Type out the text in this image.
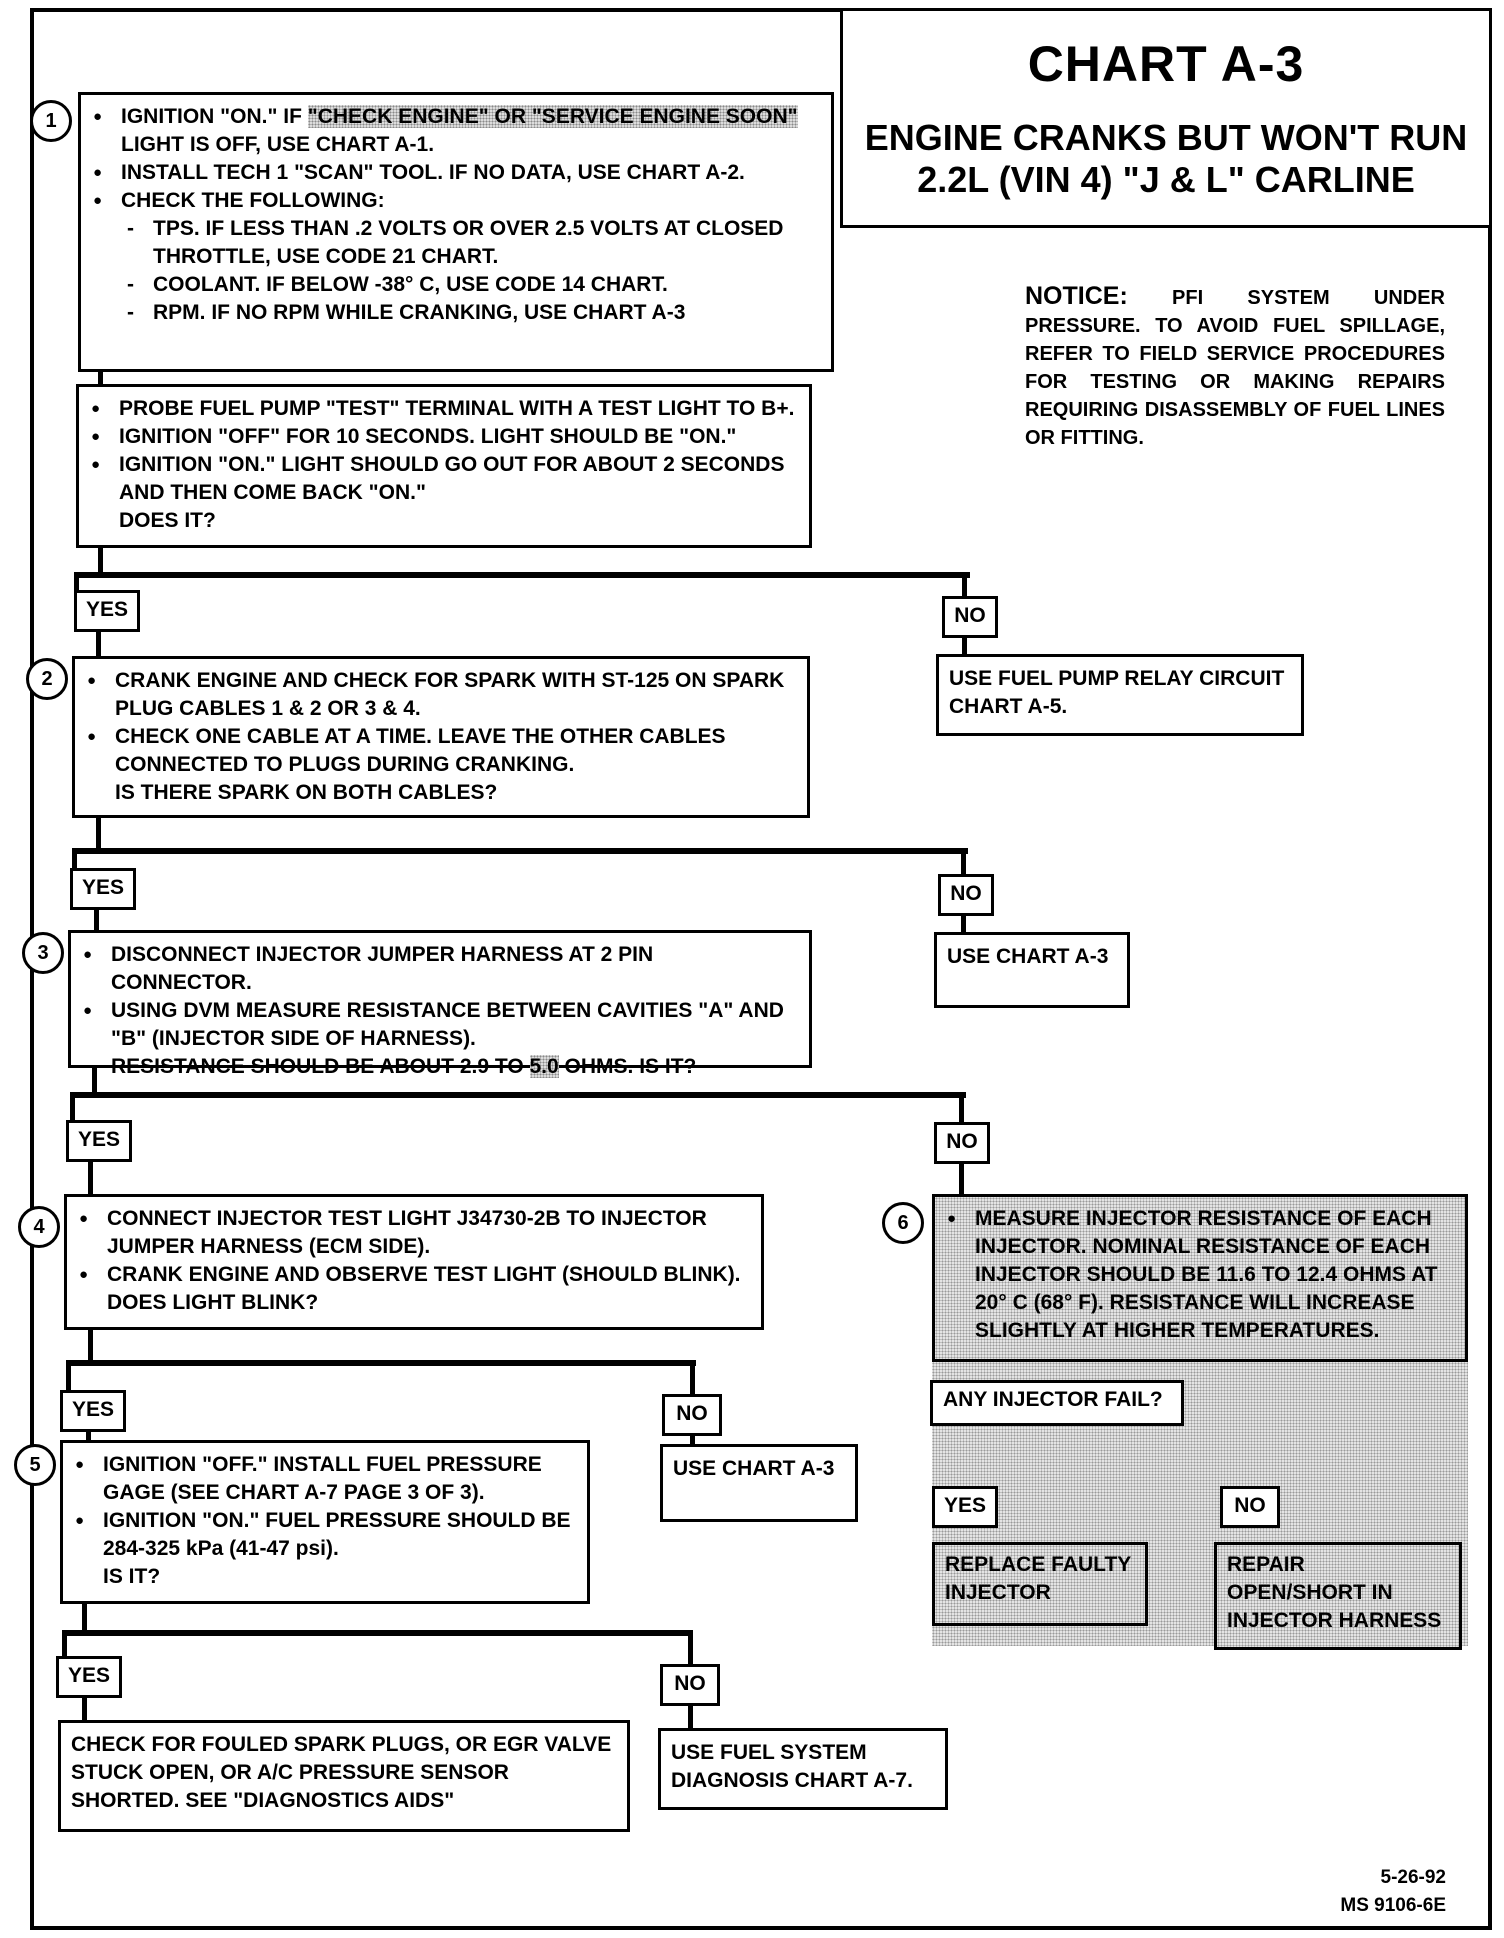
CHART A-3
ENGINE CRANKS BUT WON'T RUN
2.2L (VIN 4) "J & L" CARLINE
NOTICE: PFI SYSTEM UNDER PRESSURE. TO AVOID FUEL SPILLAGE, REFER TO FIELD SERVICE PROCEDURES FOR TESTING OR MAKING REPAIRS REQUIRING DISASSEMBLY OF FUEL LINES OR FITTING.
1	● IGNITION "ON." IF "CHECK ENGINE" OR "SERVICE ENGINE SOON" LIGHT IS OFF, USE CHART A-1.
● INSTALL TECH 1 "SCAN" TOOL. IF NO DATA, USE CHART A-2.
● CHECK THE FOLLOWING:
- TPS. IF LESS THAN .2 VOLTS OR OVER 2.5 VOLTS AT CLOSED THROTTLE, USE CODE 21 CHART.
- COOLANT. IF BELOW -38° C, USE CODE 14 CHART.
- RPM. IF NO RPM WHILE CRANKING, USE CHART A-3
● PROBE FUEL PUMP "TEST" TERMINAL WITH A TEST LIGHT TO B+.
● IGNITION "OFF" FOR 10 SECONDS. LIGHT SHOULD BE "ON."
● IGNITION "ON." LIGHT SHOULD GO OUT FOR ABOUT 2 SECONDS AND THEN COME BACK "ON."
DOES IT?
YES	NO
USE FUEL PUMP RELAY CIRCUIT CHART A-5.
2	● CRANK ENGINE AND CHECK FOR SPARK WITH ST-125 ON SPARK PLUG CABLES 1 & 2 OR 3 & 4.
● CHECK ONE CABLE AT A TIME. LEAVE THE OTHER CABLES CONNECTED TO PLUGS DURING CRANKING.
IS THERE SPARK ON BOTH CABLES?
YES	NO
USE CHART A-3
3	● DISCONNECT INJECTOR JUMPER HARNESS AT 2 PIN CONNECTOR.
● USING DVM MEASURE RESISTANCE BETWEEN CAVITIES "A" AND "B" (INJECTOR SIDE OF HARNESS).
RESISTANCE SHOULD BE ABOUT 2.9 TO 5.0 OHMS. IS IT?
YES	NO
4	● CONNECT INJECTOR TEST LIGHT J34730-2B TO INJECTOR JUMPER HARNESS (ECM SIDE).
● CRANK ENGINE AND OBSERVE TEST LIGHT (SHOULD BLINK).
DOES LIGHT BLINK?
6	● MEASURE INJECTOR RESISTANCE OF EACH INJECTOR. NOMINAL RESISTANCE OF EACH INJECTOR SHOULD BE 11.6 TO 12.4 OHMS AT 20° C (68° F). RESISTANCE WILL INCREASE SLIGHTLY AT HIGHER TEMPERATURES.
ANY INJECTOR FAIL?
YES	NO
REPLACE FAULTY INJECTOR
REPAIR OPEN/SHORT IN INJECTOR HARNESS
YES	NO
USE CHART A-3
5	● IGNITION "OFF." INSTALL FUEL PRESSURE GAGE (SEE CHART A-7 PAGE 3 OF 3).
● IGNITION "ON." FUEL PRESSURE SHOULD BE 284-325 kPa (41-47 psi).
IS IT?
YES	NO
CHECK FOR FOULED SPARK PLUGS, OR EGR VALVE STUCK OPEN, OR A/C PRESSURE SENSOR SHORTED. SEE "DIAGNOSTICS AIDS"
USE FUEL SYSTEM DIAGNOSIS CHART A-7.
5-26-92
MS 9106-6E
